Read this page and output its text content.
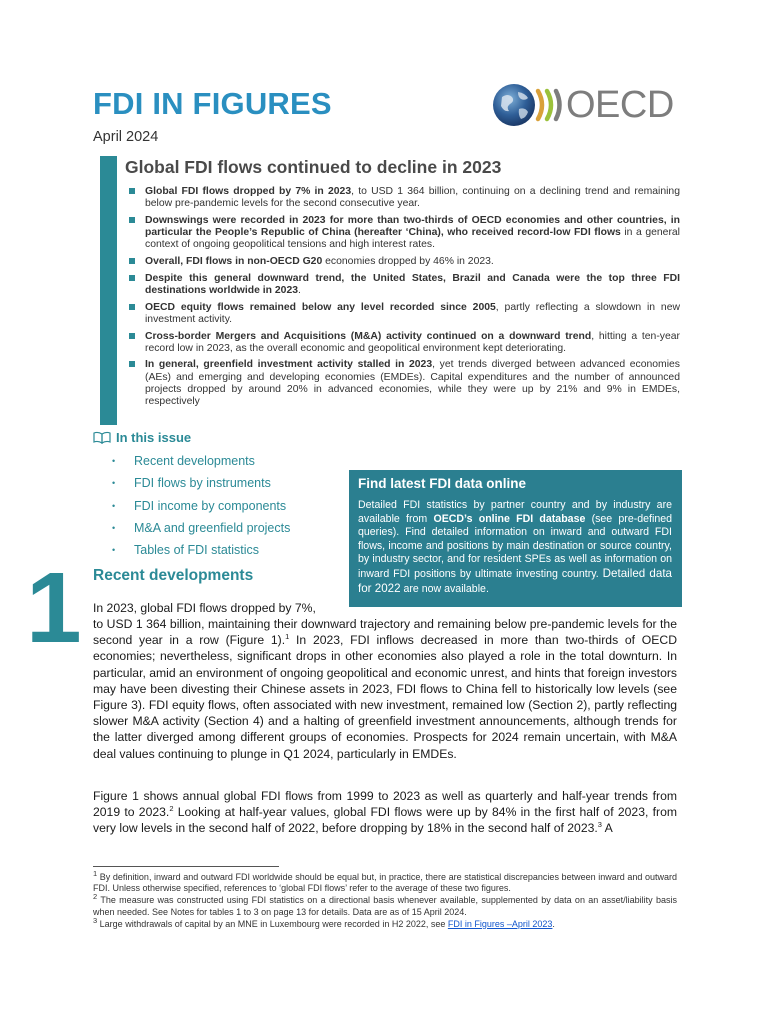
FDI IN FIGURES
April 2024
OECD
Global FDI flows continued to decline in 2023
Global FDI flows dropped by 7% in 2023, to USD 1 364 billion, continuing on a declining trend and remaining below pre-pandemic levels for the second consecutive year.
Downswings were recorded in 2023 for more than two-thirds of OECD economies and other countries, in particular the People’s Republic of China (hereafter ‘China), who received record-low FDI flows in a general context of ongoing geopolitical tensions and high interest rates.
Overall, FDI flows in non-OECD G20 economies dropped by 46% in 2023.
Despite this general downward trend, the United States, Brazil and Canada were the top three FDI destinations worldwide in 2023.
OECD equity flows remained below any level recorded since 2005, partly reflecting a slowdown in new investment activity.
Cross-border Mergers and Acquisitions (M&A) activity continued on a downward trend, hitting a ten-year record low in 2023, as the overall economic and geopolitical environment kept deteriorating.
In general, greenfield investment activity stalled in 2023, yet trends diverged between advanced economies (AEs) and emerging and developing economies (EMDEs). Capital expenditures and the number of announced projects dropped by around 20% in advanced economies, while they were up by 21% and 9% in EMDEs, respectively
In this issue
• Recent developments
• FDI flows by instruments
• FDI income by components
• M&A and greenfield projects
• Tables of FDI statistics
Find latest FDI data online

Detailed FDI statistics by partner country and by industry are available from OECD’s online FDI database (see pre-defined queries). Find detailed information on inward and outward FDI flows, income and positions by main destination or source country, by industry sector, and for resident SPEs as well as information on inward FDI positions by ultimate investing country. Detailed data for 2022 are now available.

1 Recent developments
In 2023, global FDI flows dropped by 7%,

to USD 1 364 billion, maintaining their downward trajectory and remaining below pre-pandemic levels for the second year in a row (Figure 1).$^1$ In 2023, FDI inflows decreased in more than two-thirds of OECD economies; nevertheless, significant drops in other economies also played a role in the total downturn. In particular, amid an environment of ongoing geopolitical and economic unrest, and hints that foreign investors may have been divesting their Chinese assets in 2023, FDI flows to China fell to historically low levels (see Figure 3). FDI equity flows, often associated with new investment, remained low (Section 2), partly reflecting slower M&A activity (Section 4) and a halting of greenfield investment announcements, although trends for the latter diverged among different groups of economies. Prospects for 2024 remain uncertain, with M&A deal values continuing to plunge in Q1 2024, particularly in EMDEs.

Figure 1 shows annual global FDI flows from 1999 to 2023 as well as quarterly and half-year trends from 2019 to 2023.$^2$ Looking at half-year values, global FDI flows were up by 84% in the first half of 2023, from very low levels in the second half of 2022, before dropping by 18% in the second half of 2023.$^3$ A

$^1$ By definition, inward and outward FDI worldwide should be equal but, in practice, there are statistical discrepancies between inward and outward FDI. Unless otherwise specified, references to ‘global FDI flows’ refer to the average of these two figures.

$^2$ The measure was constructed using FDI statistics on a directional basis whenever available, supplemented by data on an asset/liability basis when needed. See Notes for tables 1 to 3 on page 13 for details. Data are as of 15 April 2024.

$^3$ Large withdrawals of capital by an MNE in Luxembourg were recorded in H2 2022, see FDI in Figures –April 2023.
